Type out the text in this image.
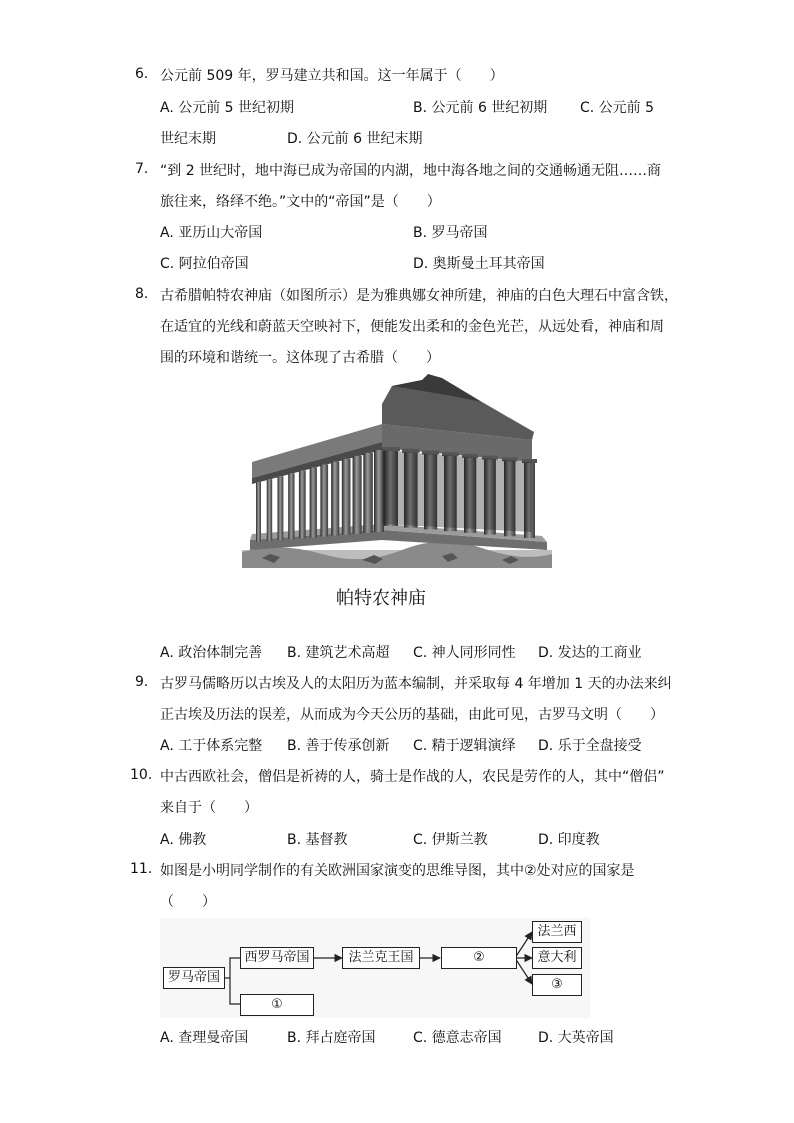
6. 公元前 509 年，罗马建立共和国。这一年属于（　　）
A. 公元前 5 世纪初期	B. 公元前 6 世纪初期 C. 公元前 5
世纪末期	D. 公元前 6 世纪末期
7. “到 2 世纪时，地中海已成为帝国的内湖，地中海各地之间的交通畅通无阻……商
旅往来，络绎不绝。”文中的“帝国”是（　　）
A. 亚历山大帝国	B. 罗马帝国
C. 阿拉伯帝国	D. 奥斯曼土耳其帝国
8. 古希腊帕特农神庙（如图所示）是为雅典娜女神所建，神庙的白色大理石中富含铁，
在适宜的光线和蔚蓝天空映衬下，便能发出柔和的金色光芒，从远处看，神庙和周
围的环境和谐统一。这体现了古希腊（　　）
帕特农神庙
A. 政治体制完善 B. 建筑艺术高超 C. 神人同形同性 D. 发达的工商业
9. 古罗马儒略历以古埃及人的太阳历为蓝本编制，并采取每 4 年增加 1 天的办法来纠
正古埃及历法的误差，从而成为今天公历的基础，由此可见，古罗马文明（　　）
A. 工于体系完整 B. 善于传承创新 C. 精于逻辑演绎 D. 乐于全盘接受
10. 中古西欧社会，僧侣是祈祷的人，骑士是作战的人，农民是劳作的人，其中“僧侣”
来自于（　　）
A. 佛教	B. 基督教	C. 伊斯兰教	D. 印度教
11. 如图是小明同学制作的有关欧洲国家演变的思维导图，其中②处对应的国家是
（　　）
罗马帝国
西罗马帝国	法兰克王国	②
①
法兰西
意大利
③
A. 查理曼帝国	B. 拜占庭帝国	C. 德意志帝国	D. 大英帝国
